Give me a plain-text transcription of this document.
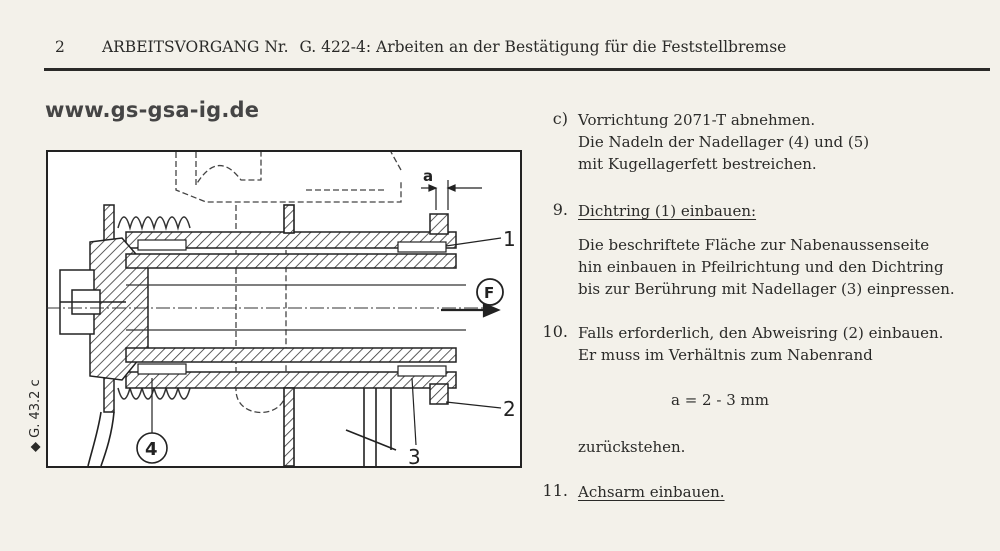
2 ARBEITSVORGANG Nr. G. 422-4: Arbeiten an der Bestätigung für die Feststellbremse
www.gs-gsa-ig.de
◆ G. 43.2 c
a
F
1
2
3
4
c) Vorrichtung 2071-T abnehmen.
Die Nadeln der Nadellager (4) und (5)
mit Kugellagerfett bestreichen.
9. Dichtring (1) einbauen:
Die beschriftete Fläche zur Nabenaussenseite
hin einbauen in Pfeilrichtung und den Dichtring
bis zur Berührung mit Nadellager (3) einpressen.
10. Falls erforderlich, den Abweisring (2) einbauen.
Er muss im Verhältnis zum Nabenrand
a = 2 - 3 mm
zurückstehen.
11. Achsarm einbauen.
